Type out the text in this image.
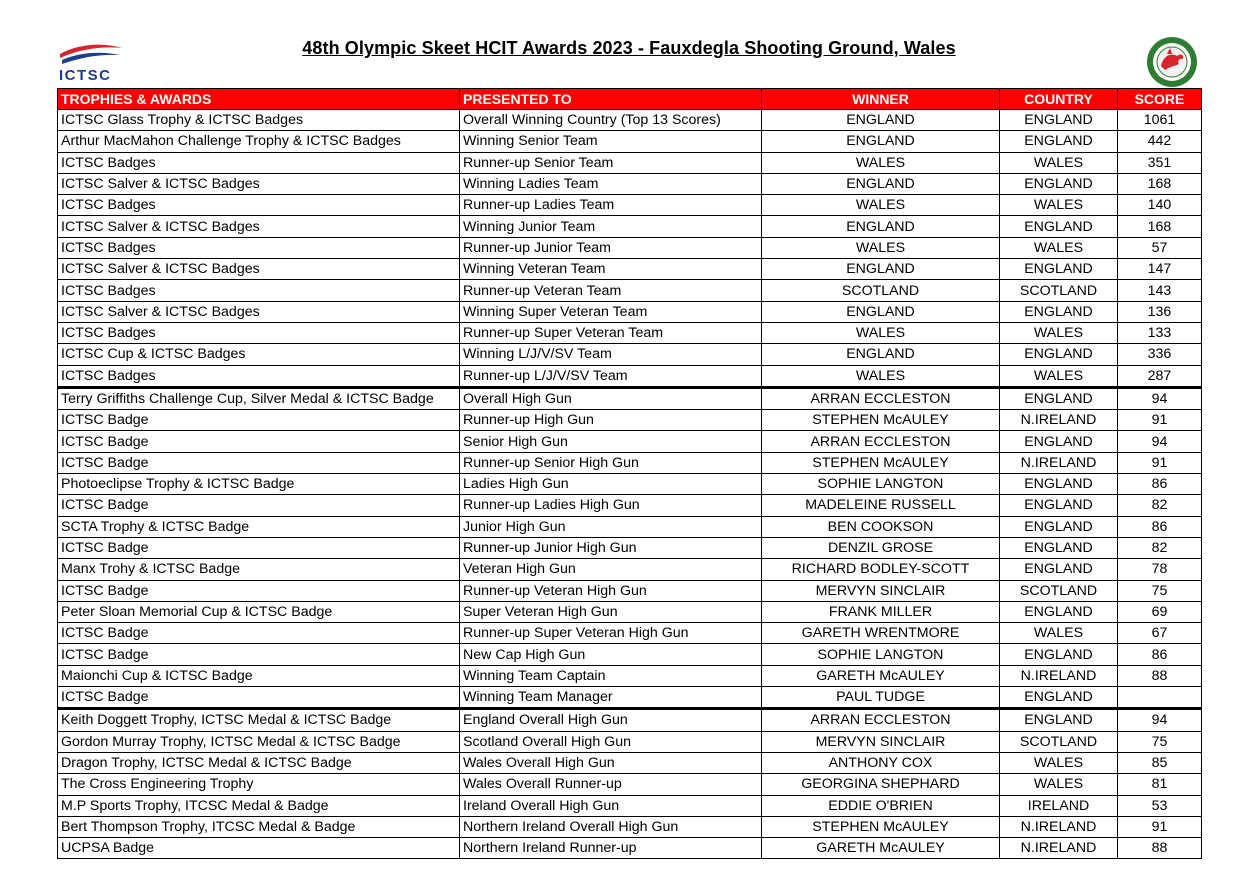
ICTSC
48th Olympic Skeet HCIT Awards 2023 - Fauxdegla Shooting Ground, Wales
TROPHIES & AWARDS	PRESENTED TO	WINNER	COUNTRY	SCORE
ICTSC Glass Trophy & ICTSC Badges	Overall Winning Country (Top 13 Scores)	ENGLAND	ENGLAND	1061
Arthur MacMahon Challenge Trophy & ICTSC Badges	Winning Senior Team	ENGLAND	ENGLAND	442
ICTSC Badges	Runner-up Senior Team	WALES	WALES	351
ICTSC Salver & ICTSC Badges	Winning Ladies Team	ENGLAND	ENGLAND	168
ICTSC Badges	Runner-up Ladies Team	WALES	WALES	140
ICTSC Salver & ICTSC Badges	Winning Junior Team	ENGLAND	ENGLAND	168
ICTSC Badges	Runner-up Junior Team	WALES	WALES	57
ICTSC Salver & ICTSC Badges	Winning Veteran Team	ENGLAND	ENGLAND	147
ICTSC Badges	Runner-up Veteran Team	SCOTLAND	SCOTLAND	143
ICTSC Salver & ICTSC Badges	Winning Super Veteran Team	ENGLAND	ENGLAND	136
ICTSC Badges	Runner-up Super Veteran Team	WALES	WALES	133
ICTSC Cup & ICTSC Badges	Winning L/J/V/SV Team	ENGLAND	ENGLAND	336
ICTSC Badges	Runner-up L/J/V/SV Team	WALES	WALES	287
Terry Griffiths Challenge Cup, Silver Medal & ICTSC Badge	Overall High Gun	ARRAN ECCLESTON	ENGLAND	94
ICTSC Badge	Runner-up High Gun	STEPHEN McAULEY	N.IRELAND	91
ICTSC Badge	Senior High Gun	ARRAN ECCLESTON	ENGLAND	94
ICTSC Badge	Runner-up Senior High Gun	STEPHEN McAULEY	N.IRELAND	91
Photoeclipse Trophy & ICTSC Badge	Ladies High Gun	SOPHIE LANGTON	ENGLAND	86
ICTSC Badge	Runner-up Ladies High Gun	MADELEINE RUSSELL	ENGLAND	82
SCTA Trophy & ICTSC Badge	Junior High Gun	BEN COOKSON	ENGLAND	86
ICTSC Badge	Runner-up Junior High Gun	DENZIL GROSE	ENGLAND	82
Manx Trohy & ICTSC Badge	Veteran High Gun	RICHARD BODLEY-SCOTT	ENGLAND	78
ICTSC Badge	Runner-up Veteran High Gun	MERVYN SINCLAIR	SCOTLAND	75
Peter Sloan Memorial Cup & ICTSC Badge	Super Veteran High Gun	FRANK MILLER	ENGLAND	69
ICTSC Badge	Runner-up Super Veteran High Gun	GARETH WRENTMORE	WALES	67
ICTSC Badge	New Cap High Gun	SOPHIE LANGTON	ENGLAND	86
Maionchi Cup & ICTSC Badge	Winning Team Captain	GARETH McAULEY	N.IRELAND	88
ICTSC Badge	Winning Team Manager	PAUL TUDGE	ENGLAND	
Keith Doggett Trophy, ICTSC Medal & ICTSC Badge	England Overall High Gun	ARRAN ECCLESTON	ENGLAND	94
Gordon Murray Trophy, ICTSC Medal & ICTSC Badge	Scotland Overall High Gun	MERVYN SINCLAIR	SCOTLAND	75
Dragon Trophy, ICTSC Medal & ICTSC Badge	Wales Overall High Gun	ANTHONY COX	WALES	85
The Cross Engineering Trophy	Wales Overall Runner-up	GEORGINA SHEPHARD	WALES	81
M.P Sports Trophy, ITCSC Medal & Badge	Ireland Overall High Gun	EDDIE O'BRIEN	IRELAND	53
Bert Thompson Trophy, ITCSC Medal & Badge	Northern Ireland Overall High Gun	STEPHEN McAULEY	N.IRELAND	91
UCPSA Badge	Northern Ireland Runner-up	GARETH McAULEY	N.IRELAND	88
